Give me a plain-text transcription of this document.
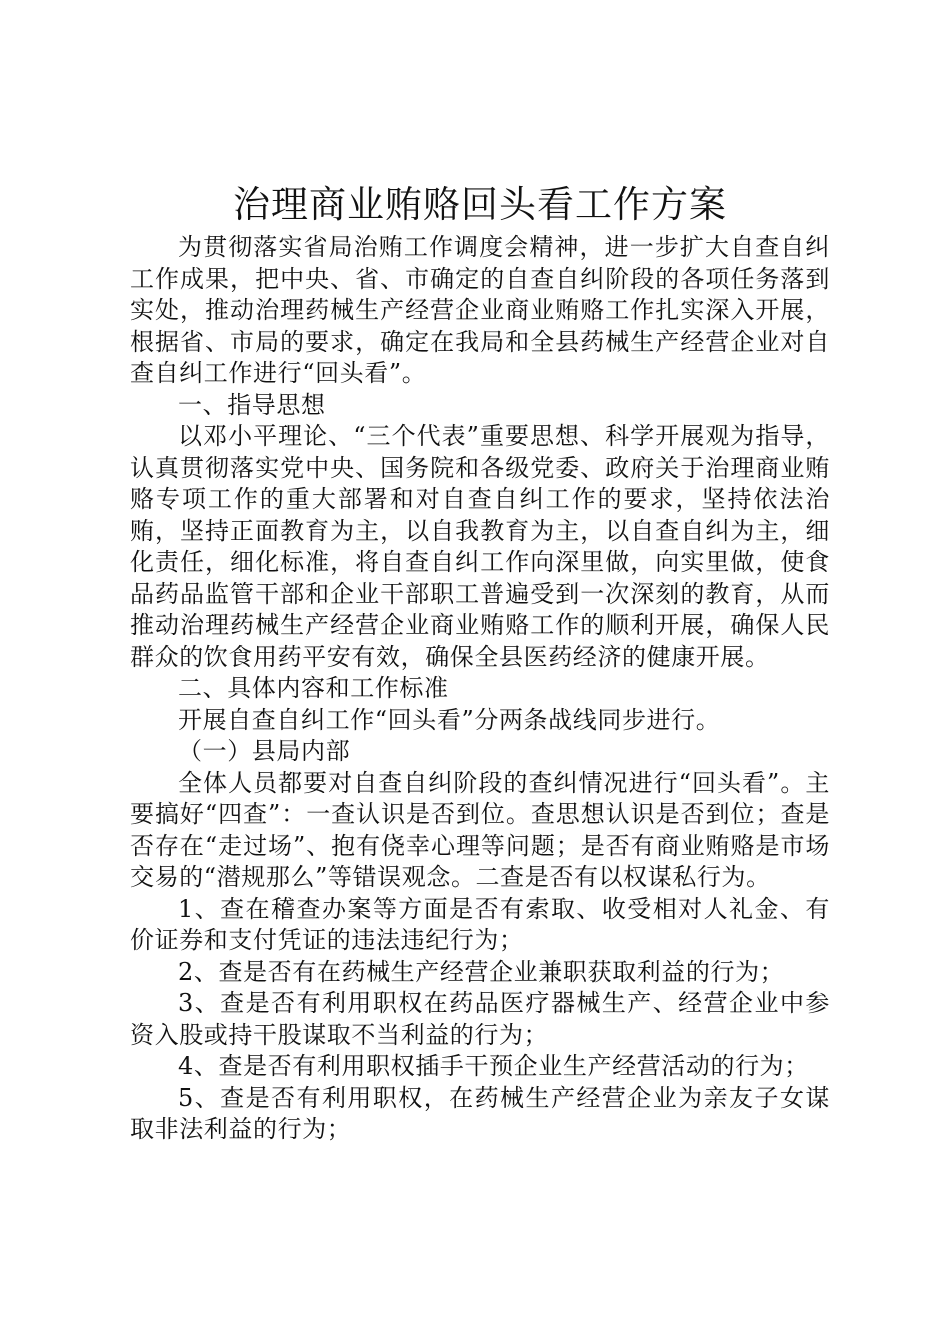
治理商业贿赂回头看工作方案

为贯彻落实省局治贿工作调度会精神，进一步扩大自查自纠工作成果，把中央、省、市确定的自查自纠阶段的各项任务落到实处，推动治理药械生产经营企业商业贿赂工作扎实深入开展，根据省、市局的要求，确定在我局和全县药械生产经营企业对自查自纠工作进行“回头看”。

一、指导思想

以邓小平理论、“三个代表”重要思想、科学开展观为指导，认真贯彻落实党中央、国务院和各级党委、政府关于治理商业贿赂专项工作的重大部署和对自查自纠工作的要求，坚持依法治贿，坚持正面教育为主，以自我教育为主，以自查自纠为主，细化责任，细化标准，将自查自纠工作向深里做，向实里做，使食品药品监管干部和企业干部职工普遍受到一次深刻的教育，从而推动治理药械生产经营企业商业贿赂工作的顺利开展，确保人民群众的饮食用药平安有效，确保全县医药经济的健康开展。

二、具体内容和工作标准

开展自查自纠工作“回头看”分两条战线同步进行。

（一）县局内部

全体人员都要对自查自纠阶段的查纠情况进行“回头看”。主要搞好“四查”：一查认识是否到位。查思想认识是否到位；查是否存在“走过场”、抱有侥幸心理等问题；是否有商业贿赂是市场交易的“潜规那么”等错误观念。二查是否有以权谋私行为。

1、查在稽查办案等方面是否有索取、收受相对人礼金、有价证券和支付凭证的违法违纪行为；

2、查是否有在药械生产经营企业兼职获取利益的行为；

3、查是否有利用职权在药品医疗器械生产、经营企业中参资入股或持干股谋取不当利益的行为；

4、查是否有利用职权插手干预企业生产经营活动的行为；

5、查是否有利用职权，在药械生产经营企业为亲友子女谋取非法利益的行为；
